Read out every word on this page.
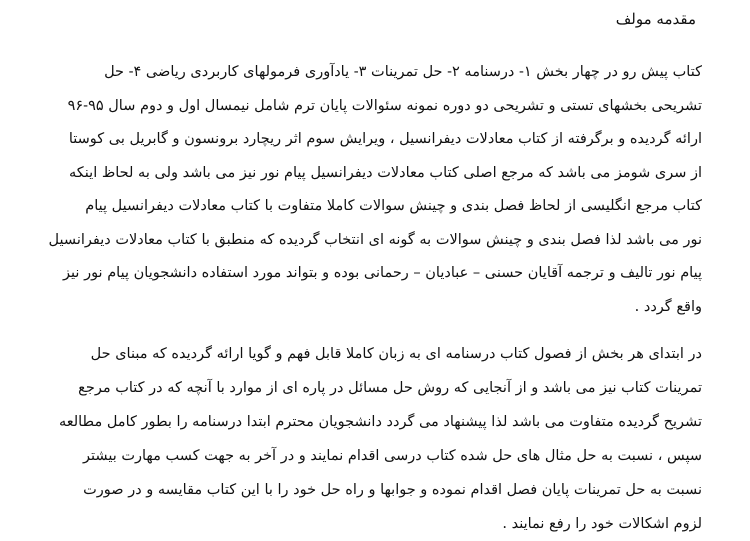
مقدمه مولف

کتاب پیش رو در چهار بخش ۱- درسنامه ۲- حل تمرینات ۳- یادآوری فرمولهای کاربردی ریاضی ۴- حل
تشریحی بخشهای تستی و تشریحی دو دوره نمونه سئوالات پایان ترم شامل نیمسال اول و دوم سال ۹۵-۹۶
ارائه گردیده و برگرفته از کتاب معادلات دیفرانسیل ، ویرایش سوم اثر ریچارد برونسون و گابریل بی کوستا
از سری شومز می باشد که مرجع اصلی کتاب معادلات دیفرانسیل پیام نور نیز می باشد ولی به لحاظ اینکه
کتاب مرجع انگلیسی از لحاظ فصل بندی و چینش سوالات کاملا متفاوت با کتاب معادلات دیفرانسیل پیام
نور می باشد لذا فصل بندی و چینش سوالات به گونه ای انتخاب گردیده که منطبق با کتاب معادلات دیفرانسیل
پیام نور تالیف و ترجمه آقایان حسنی – عبادیان – رحمانی بوده و بتواند مورد استفاده دانشجویان پیام نور نیز
واقع گردد .

در ابتدای هر بخش از فصول کتاب درسنامه ای به زبان کاملا قابل فهم و گویا ارائه گردیده که مبنای حل
تمرینات کتاب نیز می باشد و از آنجایی که روش حل مسائل در پاره ای از موارد با آنچه که در کتاب مرجع
تشریح گردیده متفاوت می باشد لذا پیشنهاد می گردد دانشجویان محترم ابتدا درسنامه را بطور کامل مطالعه
سپس ، نسبت به حل مثال های حل شده کتاب درسی اقدام نمایند و در آخر به جهت کسب مهارت بیشتر
نسبت به حل تمرینات پایان فصل اقدام نموده و جوابها و راه حل خود را با این کتاب مقایسه و در صورت
لزوم اشکالات خود را رفع نمایند .
